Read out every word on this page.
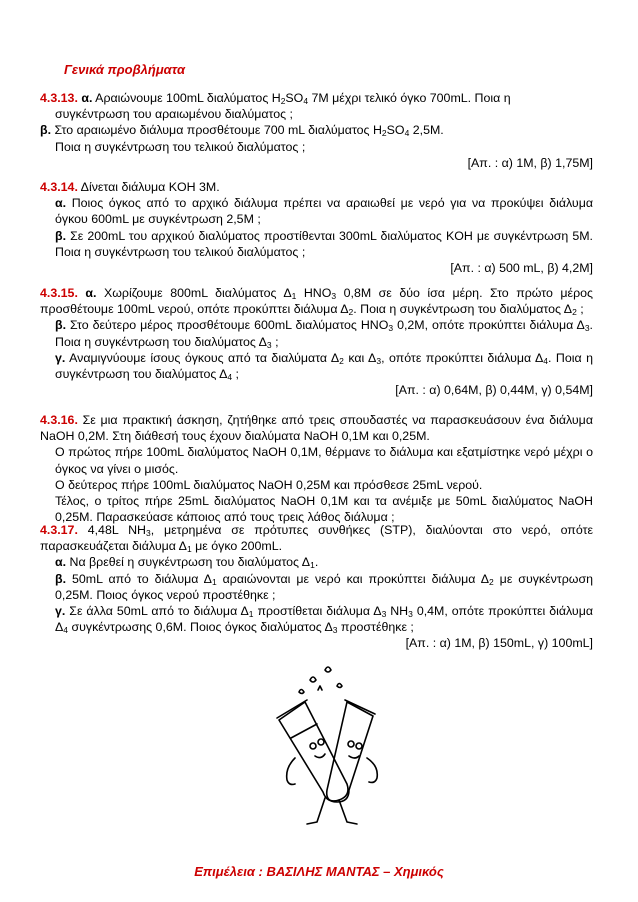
Γενικά προβλήματα
4.3.13. α. Αραιώνουμε 100mL διαλύματος $H_2SO_4$ 7M μέχρι τελικό όγκο 700mL. Ποια η
συγκέντρωση του αραιωμένου διαλύματος ;
β. Στο αραιωμένο διάλυμα προσθέτουμε 700 mL διαλύματος $H_2SO_4$ 2,5M.
Ποια η συγκέντρωση του τελικού διαλύματος ;
[Απ. : α) 1M, β) 1,75M]
4.3.14. Δίνεται διάλυμα KOH 3M.
α. Ποιος όγκος από το αρχικό διάλυμα πρέπει να αραιωθεί με νερό για να προκύψει διάλυμα όγκου 600mL με συγκέντρωση 2,5M ;
β. Σε 200mL του αρχικού διαλύματος προστίθενται 300mL διαλύματος KOH με συγκέντρωση 5M. Ποια η συγκέντρωση του τελικού διαλύματος ;
[Απ. : α) 500 mL, β) 4,2M]
4.3.15. α. Χωρίζουμε 800mL διαλύματος $\Delta_1$ $HNO_3$ 0,8M σε δύο ίσα μέρη. Στο πρώτο μέρος προσθέτουμε 100mL νερού, οπότε προκύπτει διάλυμα $\Delta_2$. Ποια η συγκέντρωση του διαλύματος $\Delta_2$ ;
β. Στο δεύτερο μέρος προσθέτουμε 600mL διαλύματος $HNO_3$ 0,2M, οπότε προκύπτει διάλυμα $\Delta_3$. Ποια η συγκέντρωση του διαλύματος $\Delta_3$ ;
γ. Αναμιγνύουμε ίσους όγκους από τα διαλύματα $\Delta_2$ και $\Delta_3$, οπότε προκύπτει διάλυμα $\Delta_4$. Ποια η συγκέντρωση του διαλύματος $\Delta_4$ ;
[Απ. : α) 0,64M, β) 0,44M, γ) 0,54M]
4.3.16. Σε μια πρακτική άσκηση, ζητήθηκε από τρεις σπουδαστές να παρασκευάσουν ένα διάλυμα NaOH 0,2M. Στη διάθεσή τους έχουν διαλύματα NaOH 0,1M και 0,25M.
Ο πρώτος πήρε 100mL διαλύματος NaOH 0,1M, θέρμανε το διάλυμα και εξατμίστηκε νερό μέχρι ο όγκος να γίνει ο μισός.
Ο δεύτερος πήρε 100mL διαλύματος NaOH 0,25M και πρόσθεσε 25mL νερού.
Τέλος, ο τρίτος πήρε 25mL διαλύματος NaOH 0,1M και τα ανέμιξε με 50mL διαλύματος NaOH 0,25M. Παρασκεύασε κάποιος από τους τρεις λάθος διάλυμα ;
4.3.17. 4,48L $NH_3$, μετρημένα σε πρότυπες συνθήκες (STP), διαλύονται στο νερό, οπότε παρασκευάζεται διάλυμα $\Delta_1$ με όγκο 200mL.
α. Να βρεθεί η συγκέντρωση του διαλύματος $\Delta_1$.
β. 50mL από το διάλυμα $\Delta_1$ αραιώνονται με νερό και προκύπτει διάλυμα $\Delta_2$ με συγκέντρωση 0,25M. Ποιος όγκος νερού προστέθηκε ;
γ. Σε άλλα 50mL από το διάλυμα $\Delta_1$ προστίθεται διάλυμα $\Delta_3$ $NH_3$ 0,4M, οπότε προκύπτει διάλυμα $\Delta_4$ συγκέντρωσης 0,6M. Ποιος όγκος διαλύματος $\Delta_3$ προστέθηκε ;
[Απ. : α) 1M, β) 150mL, γ) 100mL]
Επιμέλεια : ΒΑΣΙΛΗΣ ΜΑΝΤΑΣ – Χημικός
